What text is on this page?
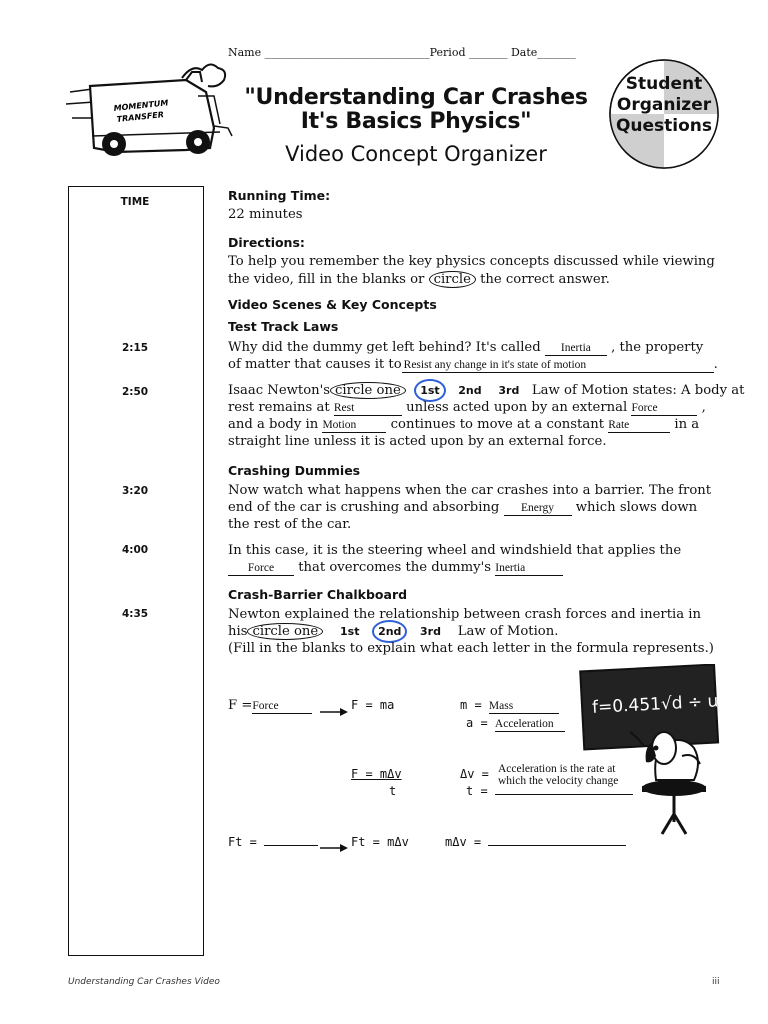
Name ______________________________Period _______ Date_______
MOMENTUM
TRANSFER
"Understanding Car Crashes
It's Basics Physics"
Video Concept Organizer
Student
Organizer
Questions
TIME
2:15
2:50
3:20
4:00
4:35
Running Time:
22 minutes
Directions:
To help you remember the key physics concepts discussed while viewing
the video, fill in the blanks or circle the correct answer.
Video Scenes & Key Concepts
Test Track Laws
Why did the dummy get left behind? It's called Inertia , the property
of matter that causes it to Resist any change in it's state of motion	.
Isaac Newton's circle one 1st 2nd 3rd Law of Motion states: A body at
rest remains at Rest	unless acted upon by an external Force	,
and a body in Motion	continues to move at a constant Rate	in a
straight line unless it is acted upon by an external force.
Crashing Dummies
Now watch what happens when the car crashes into a barrier. The front
end of the car is crushing and absorbing Energy which slows down
the rest of the car.
In this case, it is the steering wheel and windshield that applies the
Force that overcomes the dummy's Inertia
Crash-Barrier Chalkboard
Newton explained the relationship between crash forces and inertia in
his circle one 1st 2nd 3rd Law of Motion.
(Fill in the blanks to explain what each letter in the formula represents.)
f=0.451√d ÷ u.1
F =Force	F = ma	m = Mass
a = Acceleration
F = mΔv
t
Δv = Acceleration is the rate at
which the velocity change
t =
Ft =	Ft = mΔv	mΔv =
Understanding Car Crashes Video	iii
